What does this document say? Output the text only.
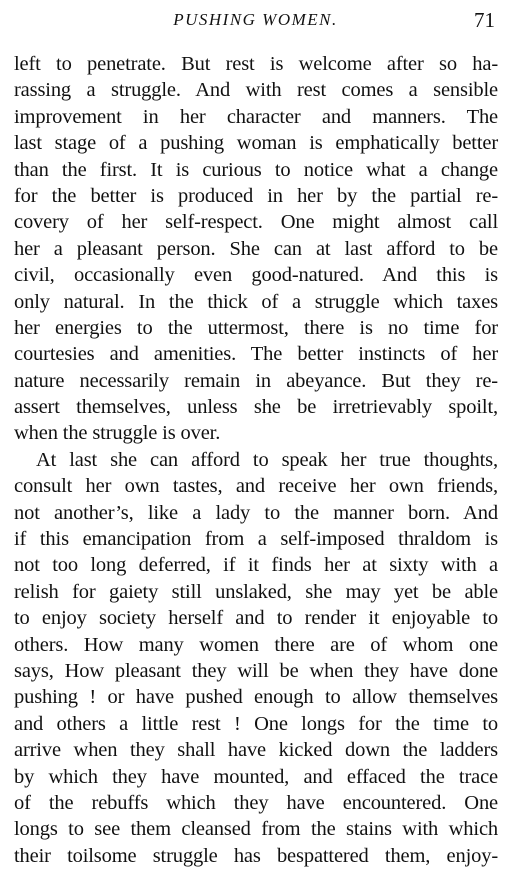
PUSHING WOMEN.	71
left to penetrate. But rest is welcome after so ha-
rassing a struggle. And with rest comes a sensible
improvement in her character and manners. The
last stage of a pushing woman is emphatically better
than the first. It is curious to notice what a change
for the better is produced in her by the partial re-
covery of her self-respect. One might almost call
her a pleasant person. She can at last afford to be
civil, occasionally even good-natured. And this is
only natural. In the thick of a struggle which taxes
her energies to the uttermost, there is no time for
courtesies and amenities. The better instincts of her
nature necessarily remain in abeyance. But they re-
assert themselves, unless she be irretrievably spoilt,
when the struggle is over.
At last she can afford to speak her true thoughts,
consult her own tastes, and receive her own friends,
not another’s, like a lady to the manner born. And
if this emancipation from a self-imposed thraldom is
not too long deferred, if it finds her at sixty with a
relish for gaiety still unslaked, she may yet be able
to enjoy society herself and to render it enjoyable to
others. How many women there are of whom one
says, How pleasant they will be when they have done
pushing ! or have pushed enough to allow themselves
and others a little rest ! One longs for the time to
arrive when they shall have kicked down the ladders
by which they have mounted, and effaced the trace
of the rebuffs which they have encountered. One
longs to see them cleansed from the stains with which
their toilsome struggle has bespattered them, enjoy-
